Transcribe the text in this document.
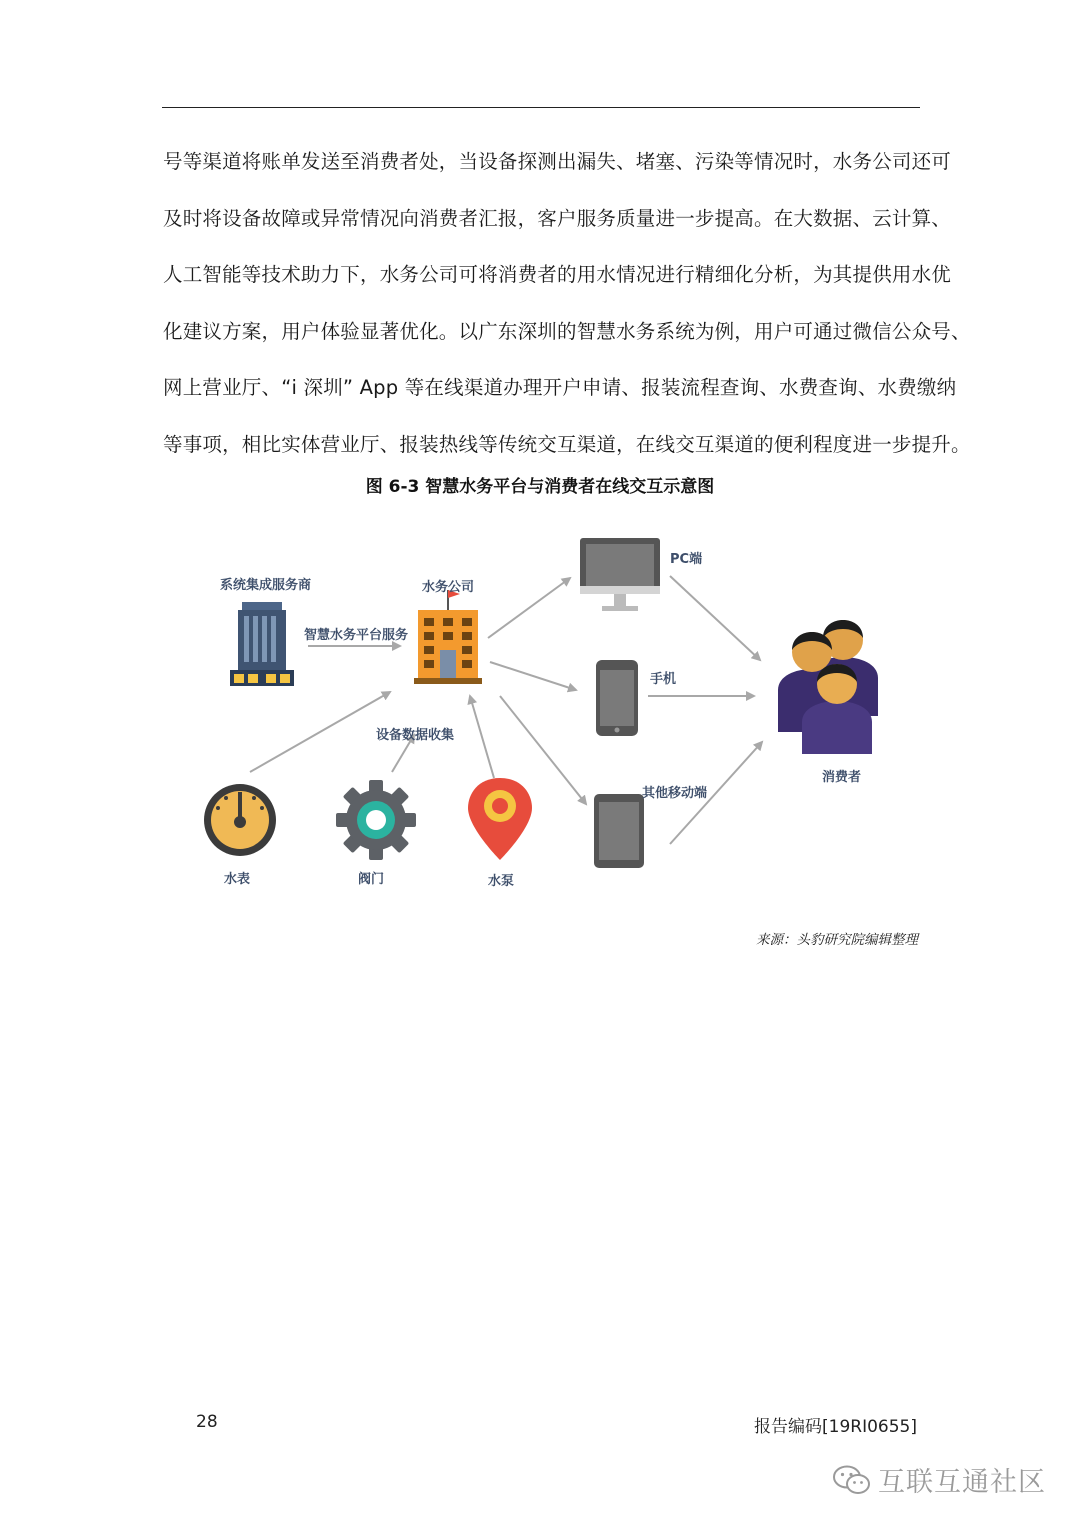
号等渠道将账单发送至消费者处，当设备探测出漏失、堵塞、污染等情况时，水务公司还可
及时将设备故障或异常情况向消费者汇报，客户服务质量进一步提高。在大数据、云计算、
人工智能等技术助力下，水务公司可将消费者的用水情况进行精细化分析，为其提供用水优
化建议方案，用户体验显著优化。以广东深圳的智慧水务系统为例，用户可通过微信公众号、
网上营业厅、“i 深圳” App 等在线渠道办理开户申请、报装流程查询、水费查询、水费缴纳
等事项，相比实体营业厅、报装热线等传统交互渠道，在线交互渠道的便利程度进一步提升。
图 6-3 智慧水务平台与消费者在线交互示意图
系统集成服务商
智慧水务平台服务
水务公司
设备数据收集
水表	阀门	水泵
PC端
手机
其他移动端
消费者
来源：头豹研究院编辑整理
28	报告编码[19RI0655]
互联互通社区
